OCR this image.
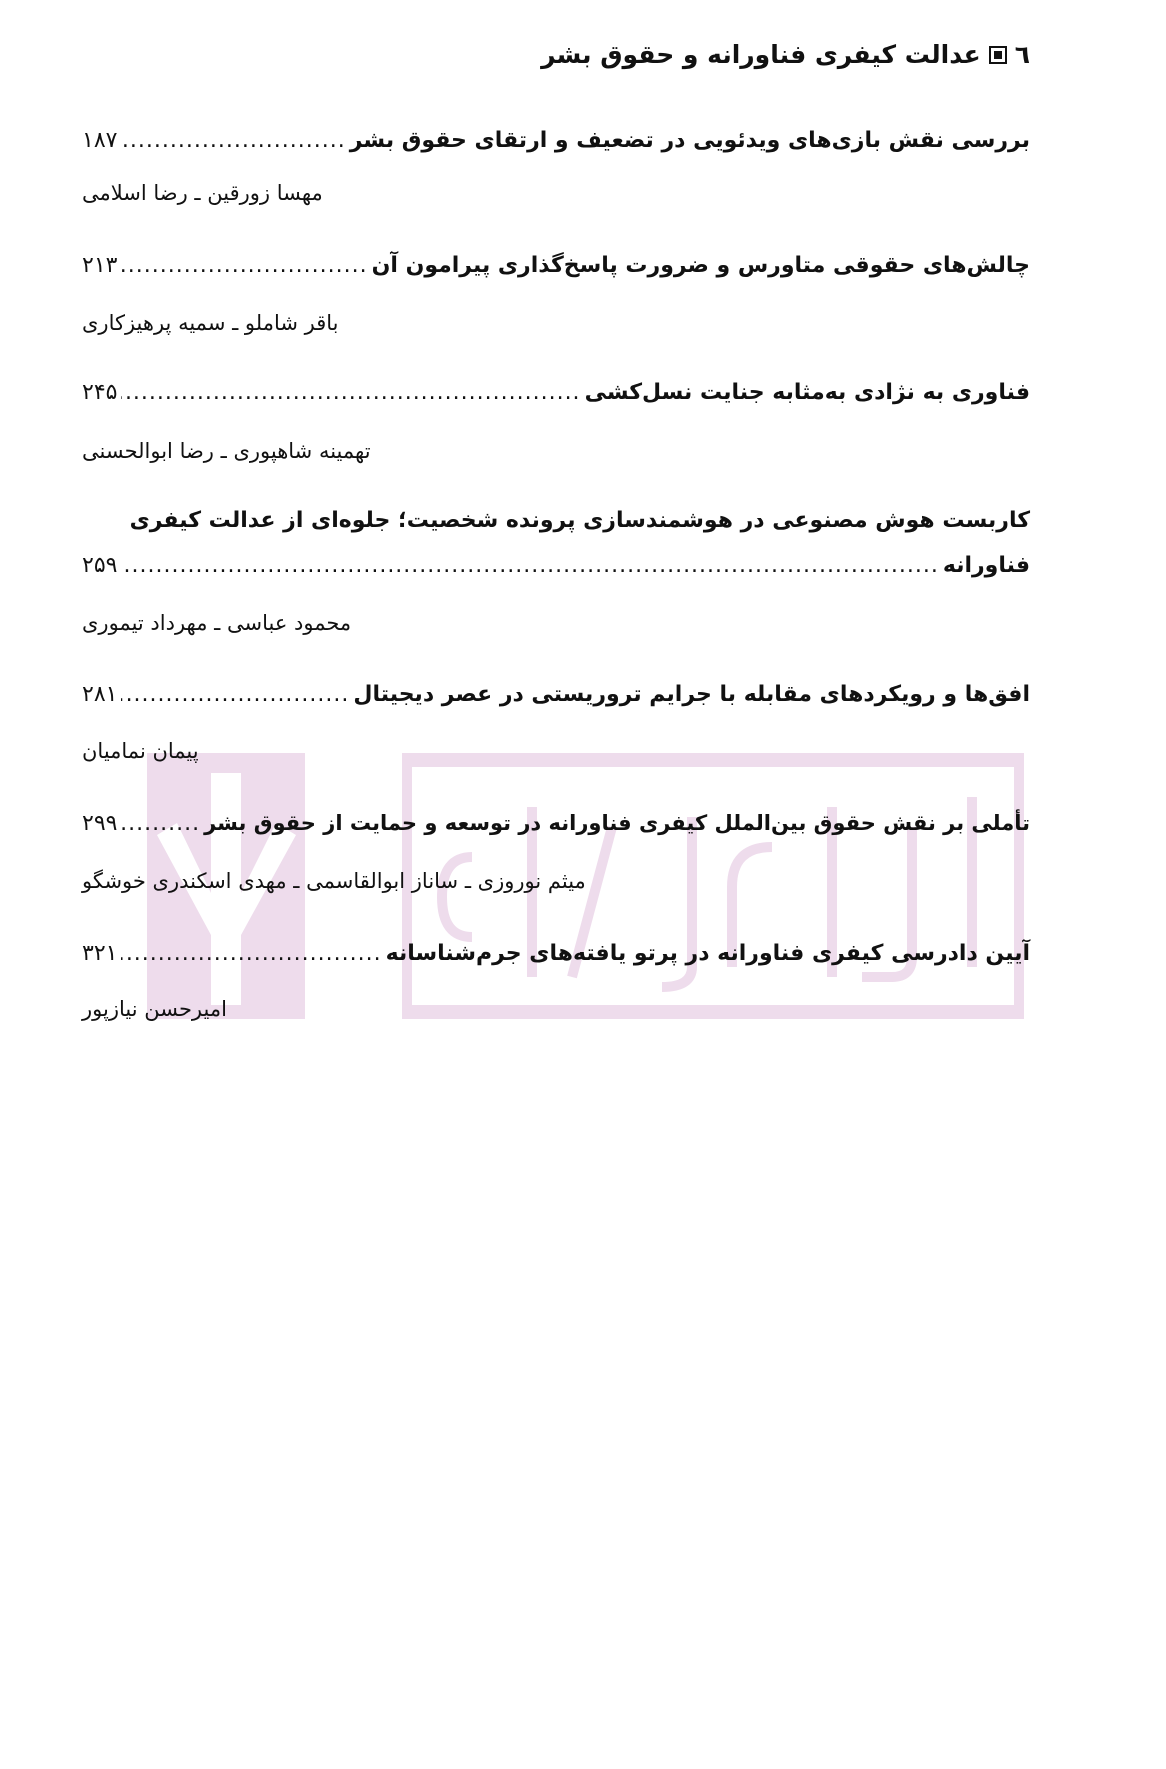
٦
عدالت کیفری فناورانه و حقوق بشر
بررسی نقش بازی‌های ویدئویی در تضعیف و ارتقای حقوق بشر
.....
۱۸۷
مهسا زورقین ـ رضا اسلامی
چالش‌های حقوقی متاورس و ضرورت پاسخ‌گذاری پیرامون آن
.....
۲۱۳
باقر شاملو ـ سمیه پرهیزکاری
فناوری به نژادی به‌مثابه جنایت نسل‌کشی
.....
۲۴۵
تهمینه شاهپوری ـ رضا ابوالحسنی
کاربست هوش مصنوعی در هوشمندسازی پرونده شخصیت؛ جلوه‌ای از عدالت کیفری
فناورانه
.....
۲۵۹
محمود عباسی ـ مهرداد تیموری
افق‌ها و رویکردهای مقابله با جرایم تروریستی در عصر دیجیتال
.....
۲۸۱
پیمان نمامیان
تأملی بر نقش حقوق بین‌الملل کیفری فناورانه در توسعه و حمایت از حقوق بشر
.....
۲۹۹
میثم نوروزی ـ ساناز ابوالقاسمی ـ مهدی اسکندری خوشگو
آیین دادرسی کیفری فناورانه در پرتو یافته‌های جرم‌شناسانه
.....
۳۲۱
امیرحسن نیازپور
